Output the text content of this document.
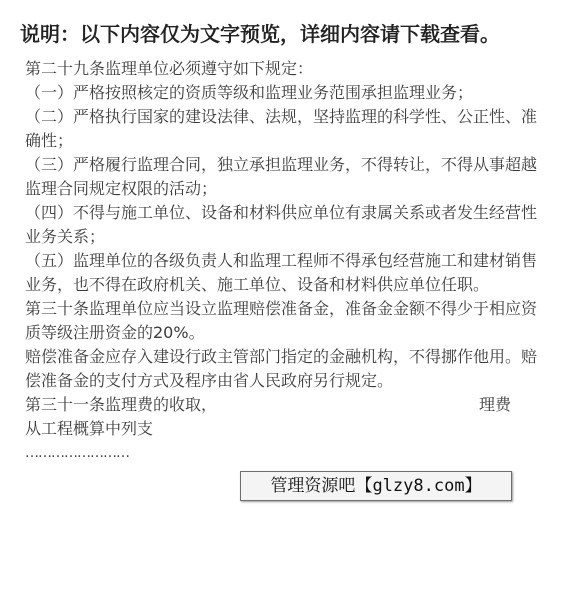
说明：以下内容仅为文字预览，详细内容请下载查看。

第二十九条监理单位必须遵守如下规定：

（一）严格按照核定的资质等级和监理业务范围承担监理业务；

（二）严格执行国家的建设法律、法规，坚持监理的科学性、公正性、准确性；

（三）严格履行监理合同，独立承担监理业务，不得转让，不得从事超越监理合同规定权限的活动；

（四）不得与施工单位、设备和材料供应单位有隶属关系或者发生经营性业务关系；

（五）监理单位的各级负责人和监理工程师不得承包经营施工和建材销售业务，也不得在政府机关、施工单位、设备和材料供应单位任职。

第三十条监理单位应当设立监理赔偿准备金，准备金金额不得少于相应资质等级注册资金的20%。

赔偿准备金应存入建设行政主管部门指定的金融机构，不得挪作他用。赔偿准备金的支付方式及程序由省人民政府另行规定。

第三十一条监理费的收取，	理费

从工程概算中列支

……………………

管理资源吧【glzy8.com】
